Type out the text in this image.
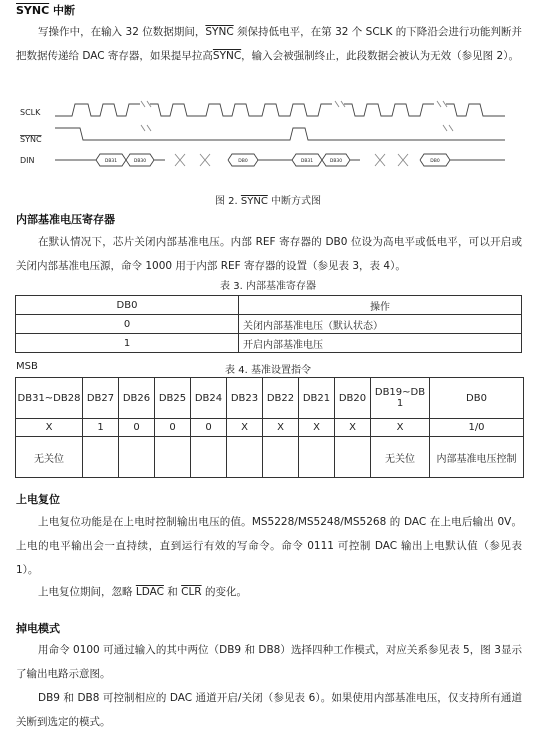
SYNC 中断
写操作中，在输入 32 位数据期间，SYNC 须保持低电平，在第 32 个 SCLK 的下降沿会进行功能判断并把数据传递给 DAC 寄存器，如果提早拉高SYNC，输入会被强制终止，此段数据会被认为无效（参见图 2）。
SCLK
SYNC
DIN	DB31	DB30	DB0	DB31	DB30	DB0
图 2. SYNC 中断方式图
内部基准电压寄存器
在默认情况下，芯片关闭内部基准电压。内部 REF 寄存器的 DB0 位设为高电平或低电平，可以开启或关闭内部基准电压源，命令 1000 用于内部 REF 寄存器的设置（参见表 3，表 4）。
表 3. 内部基准寄存器
DB0	操作
0	关闭内部基准电压（默认状态）
1	开启内部基准电压
MSB	表 4. 基准设置指令
DB31~DB28	DB27	DB26	DB25	DB24	DB23	DB22	DB21	DB20	DB19~DB 1	DB0
X	1	0	0	0	X	X	X	X	X	1/0
无关位									无关位	内部基准电压控制
上电复位
上电复位功能是在上电时控制输出电压的值。MS5228/MS5248/MS5268 的 DAC 在上电后输出 0V。上电的电平输出会一直持续，直到运行有效的写命令。命令 0111 可控制 DAC 输出上电默认值（参见表 1）。
上电复位期间，忽略 LDAC 和 $\overline{CLR}$ 的变化。
掉电模式
用命令 0100 可通过输入的其中两位（DB9 和 DB8）选择四种工作模式，对应关系参见表 5，图 3显示了输出电路示意图。
DB9 和 DB8 可控制相应的 DAC 通道开启/关闭（参见表 6）。如果使用内部基准电压，仅支持所有通道关断到选定的模式。
